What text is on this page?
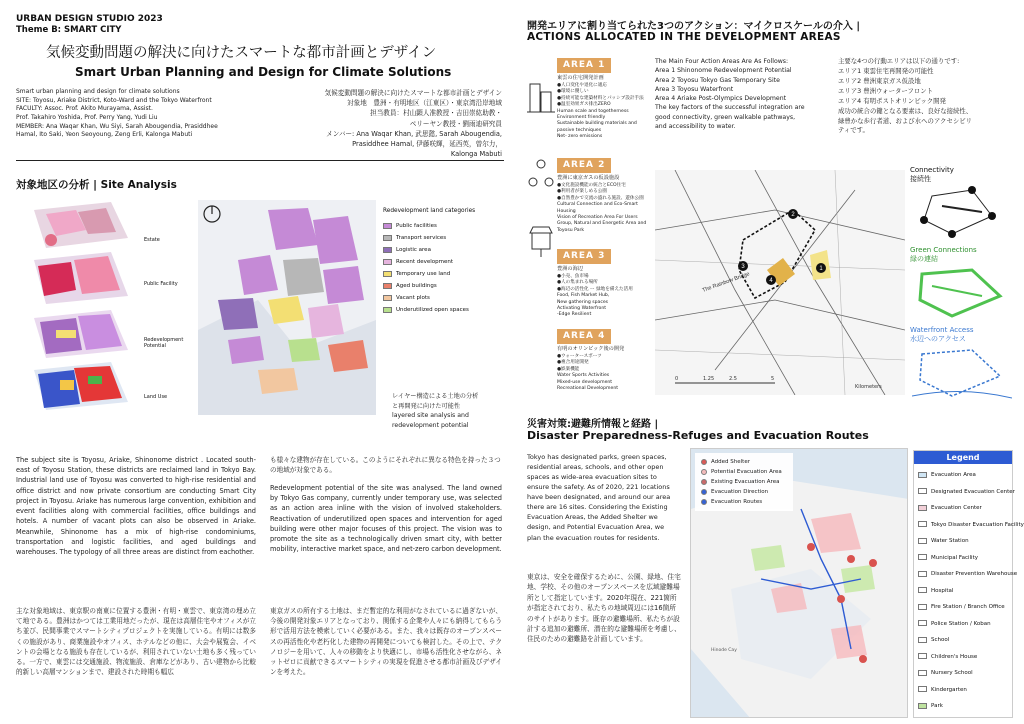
URBAN DESIGN STUDIO 2023
Theme B: SMART CITY
気候変動問題の解決に向けたスマートな都市計画とデザイン
Smart Urban Planning and Design for Climate Solutions
Smart urban planning and design for climate solutions
SITE: Toyosu, Ariake District, Koto-Ward and the Tokyo Waterfront
FACULTY: Assoc. Prof. Akito Murayama, Assist.
Prof. Takahiro Yoshida, Prof. Perry Yang, Yudi Liu
MEMBER: Ana Waqar Khan, Wu Siyi, Sarah Abougendia, Prasiddhee
Hamal, Ito Saki, Yeon Seoyoung, Zeng Erli, Kalonga Mabuti
気候変動問題の解決に向けたスマートな都市計画とデザイン
対象地　豊洲・有明地区（江東区）・東京湾沿岸地域
担当教員：村山顕人准教授・吉田崇紘助教・
ペリーヤン教授・劉雨迪研究員
メンバー: Ana Waqar Khan, 武思懿, Sarah Abougendia,
Prasiddhee Hamal, 伊藤咲輝，延西英，曾尔力，
Kalonga Mabuti
対象地区の分析 | Site Analysis
Estate
Public Facility
Redevelopment Potential
Land Use
Redevelopment land categories
Public facilities
Transport services
Logistic area
Recent development
Temporary use land
Aged buildings
Vacant plots
Underutilized open spaces
レイヤー構造による土地の分析
と再開発に向けた可能性
layered site analysis and
redevelopment potential
The subject site is Toyosu, Ariake, Shinonome district . Located south-east of Toyosu Station, these districts are reclaimed land in Tokyo Bay. Industrial land use of Toyosu was converted to high-rise residential and office district and now private consortium are conducting Smart City project in Toyosu. Ariake has numerous large convention, exhibition and event facilities along with commercial facilities, office buildings and hotels. A number of vacant plots can also be observed in Ariake. Meanwhile, Shinonome has a mix of high-rise condominiums, transportation and logistic facilities, and aged buildings and warehouses. The typology of all three areas are distinct from eachother.
主な対象地域は、東京駅の南東に位置する豊洲・有明・東雲で、東京湾の埋め立て地である。豊洲はかつては工業用地だったが、現在は高層住宅やオフィスが立ち並び、民間事業でスマートシティプロジェクトを実施している。有明には数多くの施設があり、商業施設やオフィス、ホテルなどの他に、大会や展覧会、イベントの会場となる施設も存在しているが、利用されていない土地も多く残っている。一方で、東雲には交通施設、物流施設、倉庫などがあり、古い建物から比較的新しい高層マンションまで、建設された時期も幅広
も様々な建物が存在している。このようにそれぞれに異なる特色を持った３つの地域が対象である。
Redevelopment potential of the site was analysed. The land owned by Tokyo Gas company, currently under temporary use, was selected as an action area inline with the vision of involved stakeholders. Reactivation of underutilized open spaces and intervention for aged building were other major focuses of this project. The vision was to promote the site as a technologically driven smart city, with better mobility, interactive market space, and net-zero carbon development.
東京ガスの所有する土地は、まだ暫定的な利用がなされているに過ぎないが、今後の開発対象エリアとなっており、関係する企業や人々にも納得してもらう形で活用方法を模索していく必要がある。また、我々は既存のオープンスペースの再活性化や老朽化した建物の再開発についても検討した。その上で、テクノロジーを用いて、人々の移動をより快適にし、市場も活性化させながら、ネットゼロに貢献できるスマートシティの実現を促進させる都市計画及びデザインを考えた。
開発エリアに割り当てられた3つのアクション：マイクロスケールの介入 |
ACTIONS ALLOCATED IN THE DEVELOPMENT AREAS
AREA 1
東雲の住宅開発計画
●人口変化や退化に適応
●環境に優しい
●持続可能な建築材料とパッシブ設計手法
●温室効果ガス排出ZERO
Human scale and togetherness
Environment friendly
Sustainable building materials and passive techniques
Net- zero emissions
AREA 2
豊洲に東京ガスの仮設施設
●文化施設機能の統合とECO住宅
●利用者が楽しめる公園
●自然豊かで交流の盛れる施設、遊休公園
Cultural Connection and Eco-Smart Housing
Vision of Recreation Area For Users Group, Natural and Energetic Area and Toyosu Park
AREA 3
豊洲の海辺
●小売、魚市場
●人の集まれる場所
●海辺の活性化 ー 緑地を備えた活用
Food, Fish Market Hub,
New gathering spaces
Activating Waterfront
-Edge Resilient
AREA 4
有明のオリンピック後の開発
●ウォータースポーツ
●複合用途開発
●娯楽機能
Water Sports Activities
Mixed-use development
Recreational Development
The Main Four Action Areas Are As Follows:
Area 1 Shinonome Redevelopment Potential
Area 2 Toyosu Tokyo Gas Temporary Site
Area 3 Toyosu Waterfront
Area 4 Ariake Post-Olympics Development
The key factors of the successful integration are good connectivity, green walkable pathways, and accessibility to water.
主要な4つの行動エリアは以下の通りです:
エリア1 東雲住宅再開発の可能性
エリア2 豊洲東京ガス仮設地
エリア3 豊洲ウォーターフロント
エリア4 有明ポストオリンピック開発
成功の統合の鍵となる要素は、良好な接続性、
緑豊かな歩行者道、および水へのアクセシビリ
ティです。
2
3
4
1
The Rainbow Bridge
0	1.25	2.5	5
Kilometers
Connectivity
接続性
Green Connections
緑の連結
Waterfront Access
水辺へのアクセス
災害対策:避難所情報と経路 |
Disaster Preparedness-Refuges and Evacuation Routes
Tokyo has designated parks, green spaces, residential areas, schools, and other open spaces as wide-area evacuation sites to ensure the safety. As of 2020, 221 locations have been designated, and around our area there are 16 sites. Considering the Existing Evacuation Areas, the Added Shelter we design, and Potential Evacuation Area, we plan the evacuation routes for residents.
東京は、安全を確保するために、公園、緑地、住宅地、学校、その他のオープンスペースを広域避難場所として指定しています。2020年現在、221箇所が指定されており、私たちの地域周辺には16箇所のサイトがあります。既存の避難場所、私たちが設計する追加の避難所、潜在的な避難場所を考慮し、住民のための避難路を計画しています。
Hinode Cay
Added Shelter
Potential Evacuation Area
Existing Evacuation Area
Evacuation Direction
Evacuation Routes
Legend
Evacuation Area
Designated Evacuation Center
Evacuation Center
Tokyo Disaster Evacuation Facility
Water Station
Municipal Facility
Disaster Prevention Warehouse
Hospital
Fire Station / Branch Office
Police Station / Koban
School
Children's House
Nursery School
Kindergarten
Park
